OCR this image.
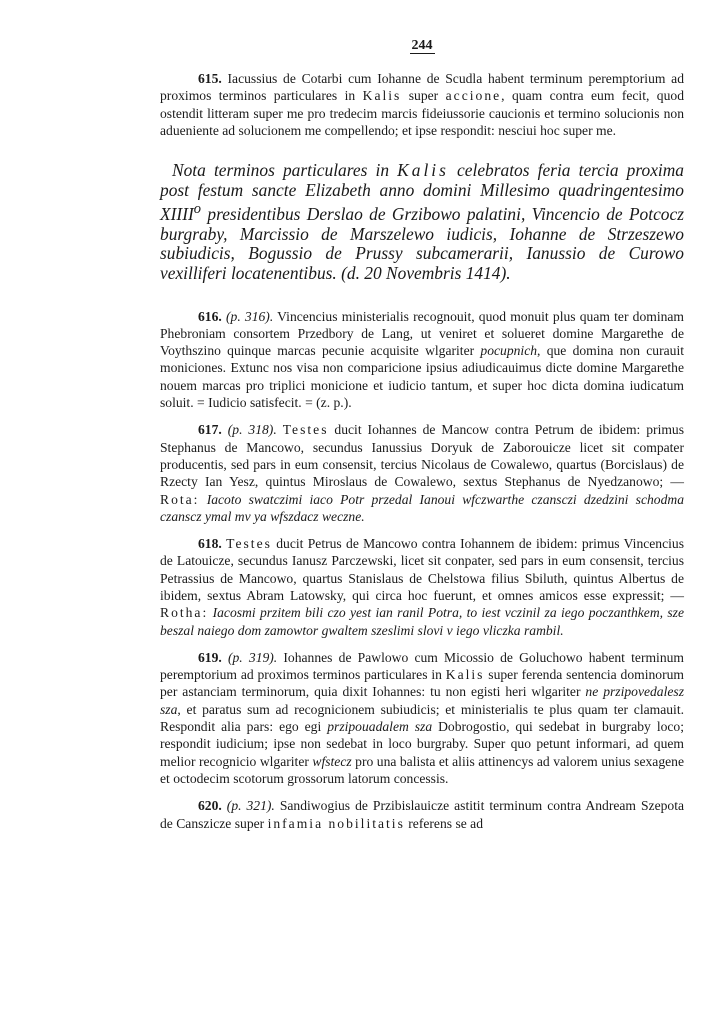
244

615. Iacussius de Cotarbi cum Iohanne de Scudla habent terminum peremptorium ad proximos terminos particulares in Kalis super accione, quam contra eum fecit, quod ostendit litteram super me pro tredecim marcis fideiussorie caucionis et termino solucionis non adueniente ad solucionem me compellendo; et ipse respondit: nesciui hoc super me.

Nota terminos particulares in Kalis celebratos feria tercia proxima post festum sancte Elizabeth anno domini Millesimo quadringentesimo XIIII$^o$ presidentibus Derslao de Grzibowo palatini, Vincencio de Potcocz burgraby, Marcissio de Marszelewo iudicis, Iohanne de Strzeszewo subiudicis, Bogussio de Prussy subcamerarii, Ianussio de Curowo vexilliferi locatenentibus. (d. 20 Novembris 1414).

616. (p. 316). Vincencius ministerialis recognouit, quod monuit plus quam ter dominam Phebroniam consortem Przedbory de Lang, ut veniret et solueret domine Margarethe de Voythszino quinque marcas pecunie acquisite wlgariter pocupnich, que domina non curauit moniciones. Extunc nos visa non comparicione ipsius adiudicauimus dicte domine Margarethe nouem marcas pro triplici monicione et iudicio tantum, et super hoc dicta domina iudicatum soluit. = Iudicio satisfecit. = (z. p.).

617. (p. 318). Testes ducit Iohannes de Mancow contra Petrum de ibidem: primus Stephanus de Mancowo, secundus Ianussius Doryuk de Zaborouicze licet sit compater producentis, sed pars in eum consensit, tercius Nicolaus de Cowalewo, quartus (Borcislaus) de Rzecty Ian Yesz, quintus Miroslaus de Cowalewo, sextus Stephanus de Nyedzanowo; — Rota: Iacoto swatczimi iaco Potr przedal Ianoui wfczwarthe czansczi dzedzini schodma czanscz ymal mv ya wfszdacz wecznе.

618. Testes ducit Petrus de Mancowo contra Iohannem de ibidem: primus Vincencius de Latouicze, secundus Ianusz Parczewski, licet sit conpater, sed pars in eum consensit, tercius Petrassius de Mancowo, quartus Stanislaus de Chelstowa filius Sbiluth, quintus Albertus de ibidem, sextus Abram Latowsky, qui circa hoc fuerunt, et omnes amicos esse expressit; — Rotha: Iacosmi przitem bili czo yest ian ranil Potra, to iest vczinil za iego poczanthkem, sze beszal naiego dom zamowtor gwaltem szeslimi slovi v iego vliczka rambil.

619. (p. 319). Iohannes de Pawlowo cum Micossio de Goluchowo habent terminum peremptorium ad proximos terminos particulares in Kalis super ferenda sentencia dominorum per astanciam terminorum, quia dixit Iohannes: tu non egisti heri wlgariter ne przipovedalesz sza, et paratus sum ad recognicionem subiudicis; et ministerialis te plus quam ter clamauit. Respondit alia pars: ego egi przipouadalem sza Dobrogostio, qui sedebat in burgraby loco; respondit iudicium; ipse non sedebat in loco burgraby. Super quo petunt informari, ad quem melior recognicio wlgariter wfstecz pro una balista et aliis attinencys ad valorem unius sexagene et octodecim scotorum grossorum latorum concessis.

620. (p. 321). Sandiwogius de Przibislauicze astitit terminum contra Andream Szepota de Canszicze super infamia nobilitatis referens se ad
